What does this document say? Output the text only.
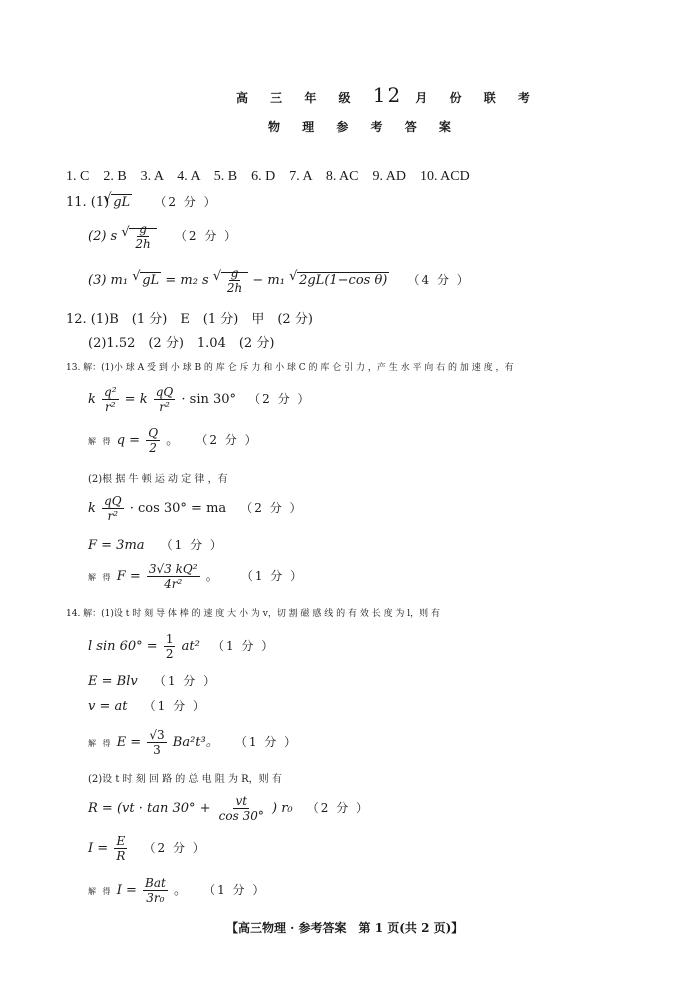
高 三 年 级 12 月 份 联 考
物 理 参 考 答 案
1. C　2. B　3. A　4. A　5. B　6. D　7. A　8. AC　9. AD　10. ACD
11. (1) √ gL （2 分 ）
(2) s √ $\frac{g}{2h} (2$ 分 ）
(3) m₁ √ gL = m₂ s √ $\frac{g}{2h} - m_1$ √ 2gL(1−cos θ) （4 分 ）
12. (1)B　(1 分)　E　(1 分)　甲　(2 分)
(2)1.52　(2 分)　1.04　(2 分)
13. 解：(1)小 球 A 受 到 小 球 B 的 库 仑 斥 力 和 小 球 C 的 库 仑 引 力 ，产 生 水 平 向 右 的 加 速 度 ，有
k $\frac{\text{q²}}{\text{r²}} = k \frac{qQ}{\text{r²}} \cdot \sin 30^\circ$ （2 分 ）
解 得 $q = \frac{Q}{2}$ 。 （2 分 ）
(2)根 据 牛 顿 运 动 定 律 ，有
k $\frac{qQ}{\text{r²}} \cdot \cos 30^\circ$ = ma （2 分 ）
F = 3ma （1 分 ）
解 得 $F = \frac{\text{3√3 kQ²}}{\text{4r²}}$ 。 （1 分 ）
14. 解：(1)设 t 时 刻 导 体 棒 的 速 度 大 小 为 v，切 割 磁 感 线 的 有 效 长 度 为 l，则 有
l $\sin 60^\circ = \frac{1}{2} at^2$ （1 分 ）
E = Blv （1 分 ）
v = at （1 分 ）
解 得 $E = \frac{√3}{3} Ba^2t^3$。 （1 分 ）
(2)设 t 时 刻 回 路 的 总 电 阻 为 R，则 有
$R = (vt \cdot \tan 30^\circ + \frac{vt}{\cos 30^\circ}$ ) r₀ （2 分 ）
$I = \frac{E}{R} (2$ 分 ）
解 得 $I = \frac{\text{Bat}}{\text{3r₀}}$ 。 （1 分 ）
【高三物理 · 参考答案　第 1 页(共 2 页)】
